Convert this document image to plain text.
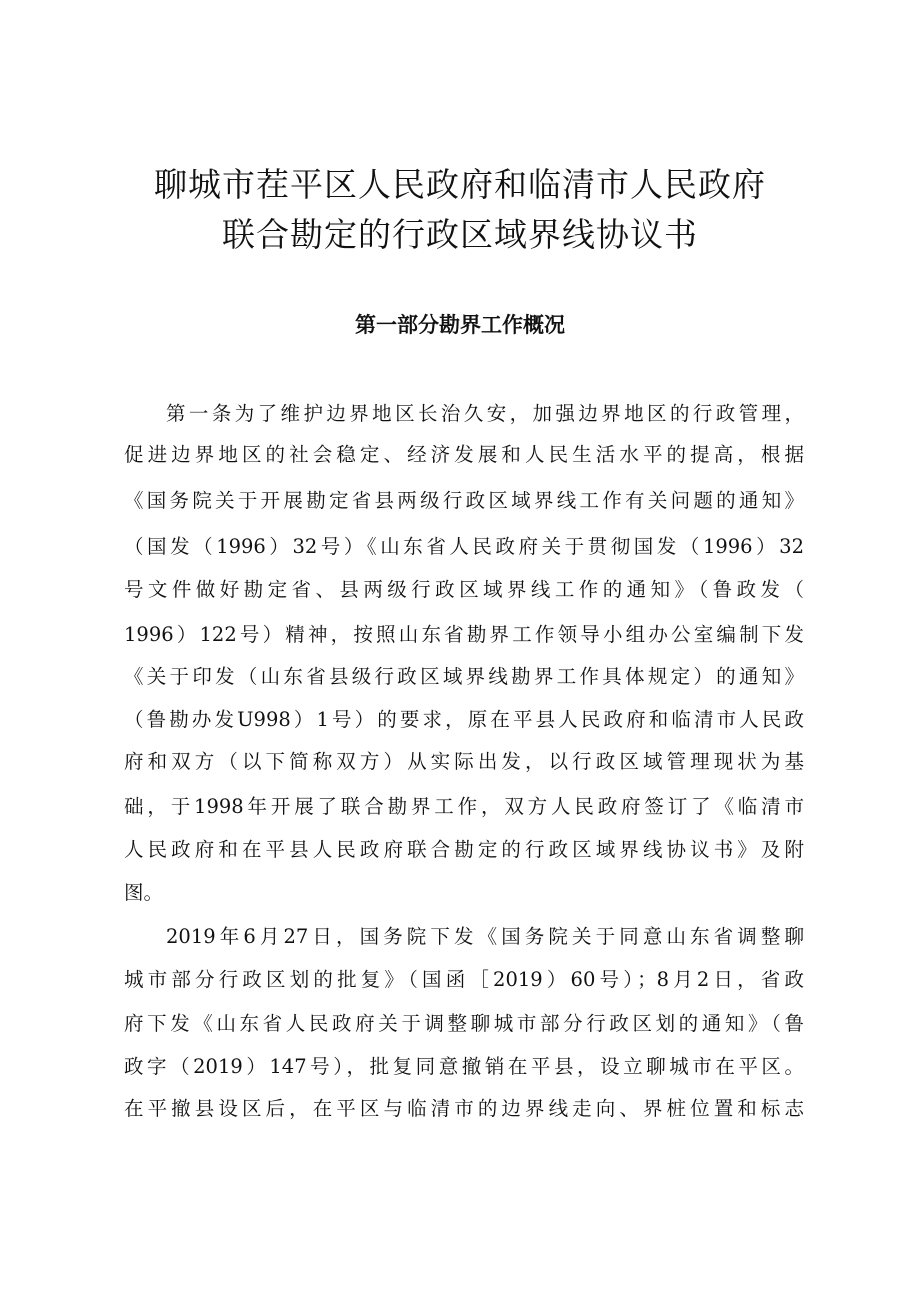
聊城市茬平区人民政府和临清市人民政府
联合勘定的行政区域界线协议书
第一部分勘界工作概况
第一条为了维护边界地区长治久安，加强边界地区的行政管理，
促进边界地区的社会稳定、经济发展和人民生活水平的提高，根据
《国务院关于开展勘定省县两级行政区域界线工作有关问题的通知》
（国发（1996）32号）《山东省人民政府关于贯彻国发（1996）32
号文件做好勘定省、县两级行政区域界线工作的通知》（鲁政发（
1996）122号）精神，按照山东省勘界工作领导小组办公室编制下发
《关于印发（山东省县级行政区域界线勘界工作具体规定）的通知》
（鲁勘办发U998）1号）的要求，原在平县人民政府和临清市人民政
府和双方（以下简称双方）从实际出发，以行政区域管理现状为基
础，于1998年开展了联合勘界工作，双方人民政府签订了《临清市
人民政府和在平县人民政府联合勘定的行政区域界线协议书》及附
图。
2019年6月27日，国务院下发《国务院关于同意山东省调整聊
城市部分行政区划的批复》（国函［2019）60号）；8月2日，省政
府下发《山东省人民政府关于调整聊城市部分行政区划的通知》（鲁
政字（2019）147号），批复同意撤销在平县，设立聊城市在平区。
在平撤县设区后，在平区与临清市的边界线走向、界桩位置和标志
